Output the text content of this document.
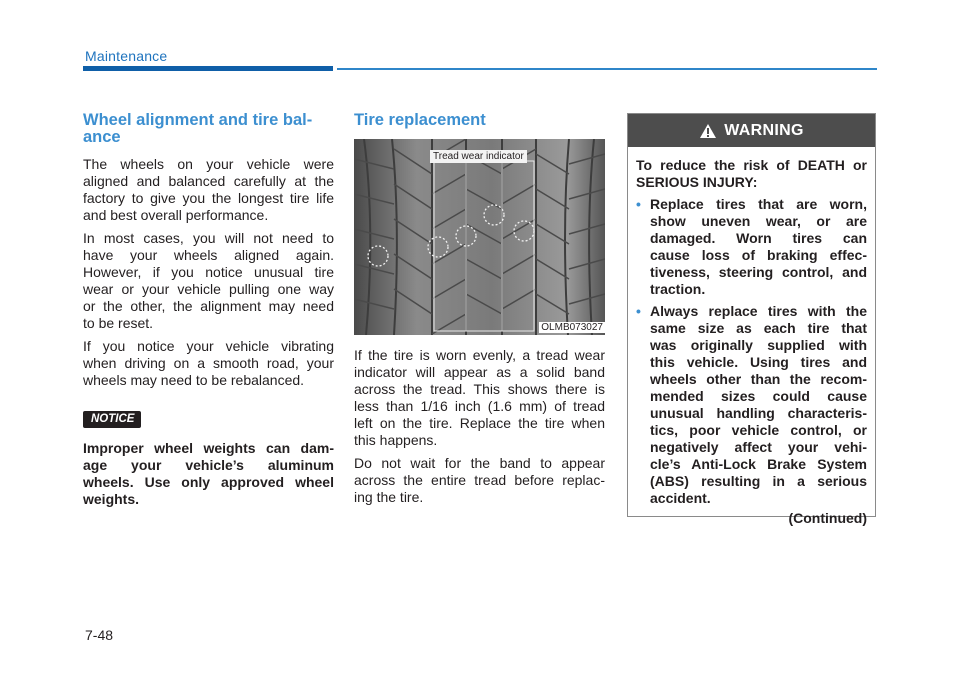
Maintenance
Wheel alignment and tire bal-
ance
The wheels on your vehicle were
aligned and balanced carefully at the
factory to give you the longest tire life
and best overall performance.
In most cases, you will not need to
have your wheels aligned again.
However, if you notice unusual tire
wear or your vehicle pulling one way
or the other, the alignment may need
to be reset.
If you notice your vehicle vibrating
when driving on a smooth road, your
wheels may need to be rebalanced.
NOTICE
Improper wheel weights can dam-
age your vehicle’s aluminum
wheels. Use only approved wheel
weights.
Tire replacement
Tread wear indicator
OLMB073027
If the tire is worn evenly, a tread wear
indicator will appear as a solid band
across the tread. This shows there is
less than 1/16 inch (1.6 mm) of tread
left on the tire. Replace the tire when
this happens.
Do not wait for the band to appear
across the entire tread before replac-
ing the tire.
WARNING
To reduce the risk of DEATH or
SERIOUS INJURY:
• Replace tires that are worn,
show uneven wear, or are
damaged. Worn tires can
cause loss of braking effec-
tiveness, steering control, and
traction.
• Always replace tires with the
same size as each tire that
was originally supplied with
this vehicle. Using tires and
wheels other than the recom-
mended sizes could cause
unusual handling characteris-
tics, poor vehicle control, or
negatively affect your vehi-
cle’s Anti-Lock Brake System
(ABS) resulting in a serious
accident.
(Continued)
7-48
